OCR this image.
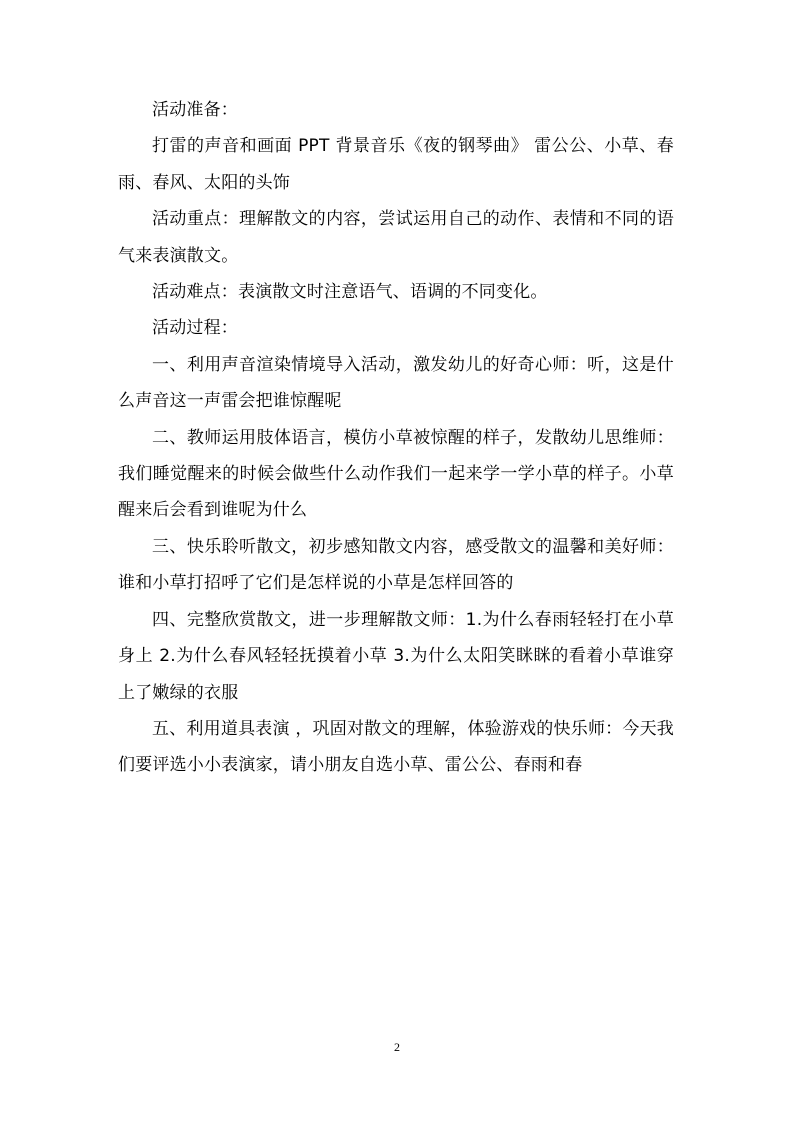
活动准备：

打雷的声音和画面 PPT 背景音乐《夜的钢琴曲》 雷公公、小草、春雨、春风、太阳的头饰

活动重点：理解散文的内容，尝试运用自己的动作、表情和不同的语气来表演散文。

活动难点：表演散文时注意语气、语调的不同变化。

活动过程：

一、利用声音渲染情境导入活动，激发幼儿的好奇心师：听，这是什么声音这一声雷会把谁惊醒呢

二、教师运用肢体语言，模仿小草被惊醒的样子，发散幼儿思维师：我们睡觉醒来的时候会做些什么动作我们一起来学一学小草的样子。小草醒来后会看到谁呢为什么

三、快乐聆听散文，初步感知散文内容，感受散文的温馨和美好师：谁和小草打招呼了它们是怎样说的小草是怎样回答的

四、完整欣赏散文，进一步理解散文师：1.为什么春雨轻轻打在小草身上 2.为什么春风轻轻抚摸着小草 3.为什么太阳笑眯眯的看着小草谁穿上了嫩绿的衣服

五、利用道具表演 ，巩固对散文的理解，体验游戏的快乐师：今天我们要评选小小表演家，请小朋友自选小草、雷公公、春雨和春

2
